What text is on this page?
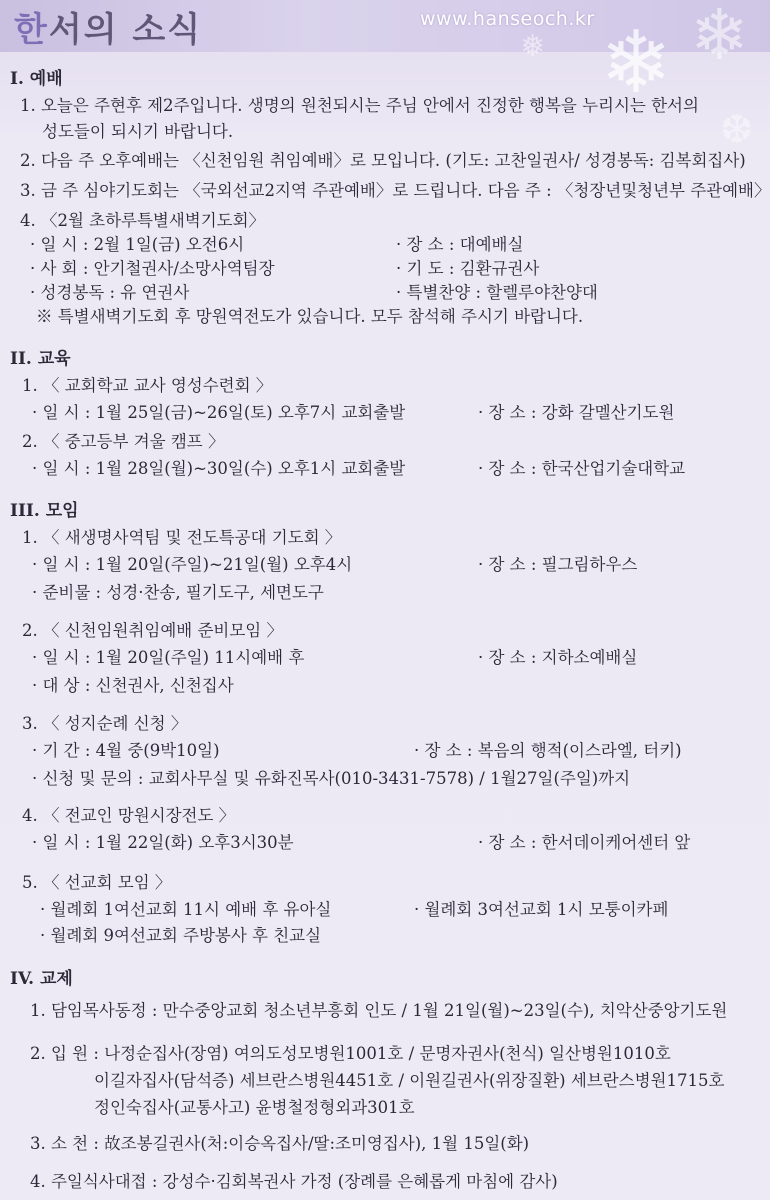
한서의 소식	www.hanseoch.kr ❄ ❄
❅
❆
I. 예배
1. 오늘은 주현후 제2주입니다. 생명의 원천되시는 주님 안에서 진정한 행복을 누리시는 한서의
성도들이 되시기 바랍니다.
2. 다음 주 오후예배는 〈신천임원 취임예배〉로 모입니다. (기도: 고찬일권사/ 성경봉독: 김복회집사)
3. 금 주 심야기도회는 〈국외선교2지역 주관예배〉로 드립니다. 다음 주 : 〈청장년및청년부 주관예배〉
4. 〈2월 초하루특별새벽기도회〉
· 일 시 : 2월 1일(금) 오전6시	· 장 소 : 대예배실
· 사 회 : 안기철권사/소망사역팀장	· 기 도 : 김환규권사
· 성경봉독 : 유 연권사	· 특별찬양 : 할렐루야찬양대
※ 특별새벽기도회 후 망원역전도가 있습니다. 모두 참석해 주시기 바랍니다.
II. 교육
1. 〈 교회학교 교사 영성수련회 〉
· 일 시 : 1월 25일(금)~26일(토) 오후7시 교회출발	· 장 소 : 강화 갈멜산기도원
2. 〈 중고등부 겨울 캠프 〉
· 일 시 : 1월 28일(월)~30일(수) 오후1시 교회출발	· 장 소 : 한국산업기술대학교
III. 모임
1. 〈 새생명사역팀 및 전도특공대 기도회 〉
· 일 시 : 1월 20일(주일)~21일(월) 오후4시	· 장 소 : 필그림하우스
· 준비물 : 성경·찬송, 필기도구, 세면도구
2. 〈 신천임원취임예배 준비모임 〉
· 일 시 : 1월 20일(주일) 11시예배 후	· 장 소 : 지하소예배실
· 대 상 : 신천권사, 신천집사
3. 〈 성지순례 신청 〉
· 기 간 : 4월 중(9박10일)	· 장 소 : 복음의 행적(이스라엘, 터키)
· 신청 및 문의 : 교회사무실 및 유화진목사(010-3431-7578) / 1월27일(주일)까지
4. 〈 전교인 망원시장전도 〉
· 일 시 : 1월 22일(화) 오후3시30분	· 장 소 : 한서데이케어센터 앞
5. 〈 선교회 모임 〉
· 월례회 1여선교회 11시 예배 후 유아실	· 월례회 3여선교회 1시 모퉁이카페
· 월례회 9여선교회 주방봉사 후 친교실
IV. 교제
1. 담임목사동정 : 만수중앙교회 청소년부흥회 인도 / 1월 21일(월)~23일(수), 치악산중앙기도원
2. 입 원 : 나정순집사(장염) 여의도성모병원1001호 / 문명자권사(천식) 일산병원1010호
이길자집사(담석증) 세브란스병원4451호 / 이원길권사(위장질환) 세브란스병원1715호
정인숙집사(교통사고) 윤병철정형외과301호
3. 소 천 : 故조봉길권사(처:이승옥집사/딸:조미영집사), 1월 15일(화)
4. 주일식사대접 : 강성수·김회복권사 가정 (장례를 은혜롭게 마침에 감사)
